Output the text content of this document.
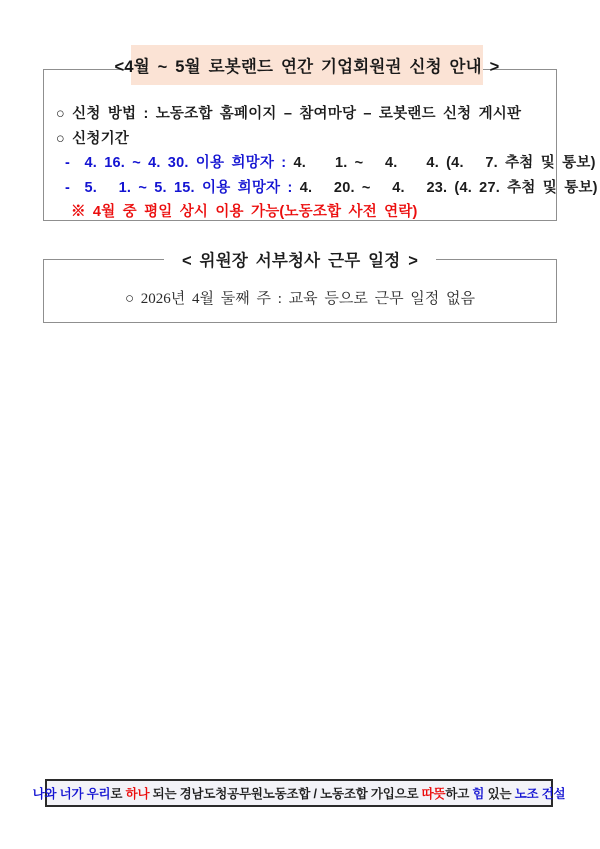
<4월 ~ 5월 로봇랜드 연간 기업회원권 신청 안내 >
○ 신청 방법 : 노동조합 홈페이지 – 참여마당 – 로봇랜드 신청 게시판
○ 신청기간
-  4. 16. ~ 4. 30. 이용 희망자 : 4.    1. ~   4.    4. (4.   7. 추첨 및 통보)
-  5.   1. ~ 5. 15. 이용 희망자 : 4.   20. ~   4.   23. (4. 27. 추첨 및 통보)
※ 4월 중 평일 상시 이용 가능(노동조합 사전 연락)
< 위원장 서부청사 근무 일정 >
○ 2026년 4월 둘째 주 : 교육 등으로 근무 일정 없음
나와 너가 우리 로 하나 되는 경남도청공무원노동조합 / 노동조합 가입으로 따뜻 하고 힘 있는 노조 건설
